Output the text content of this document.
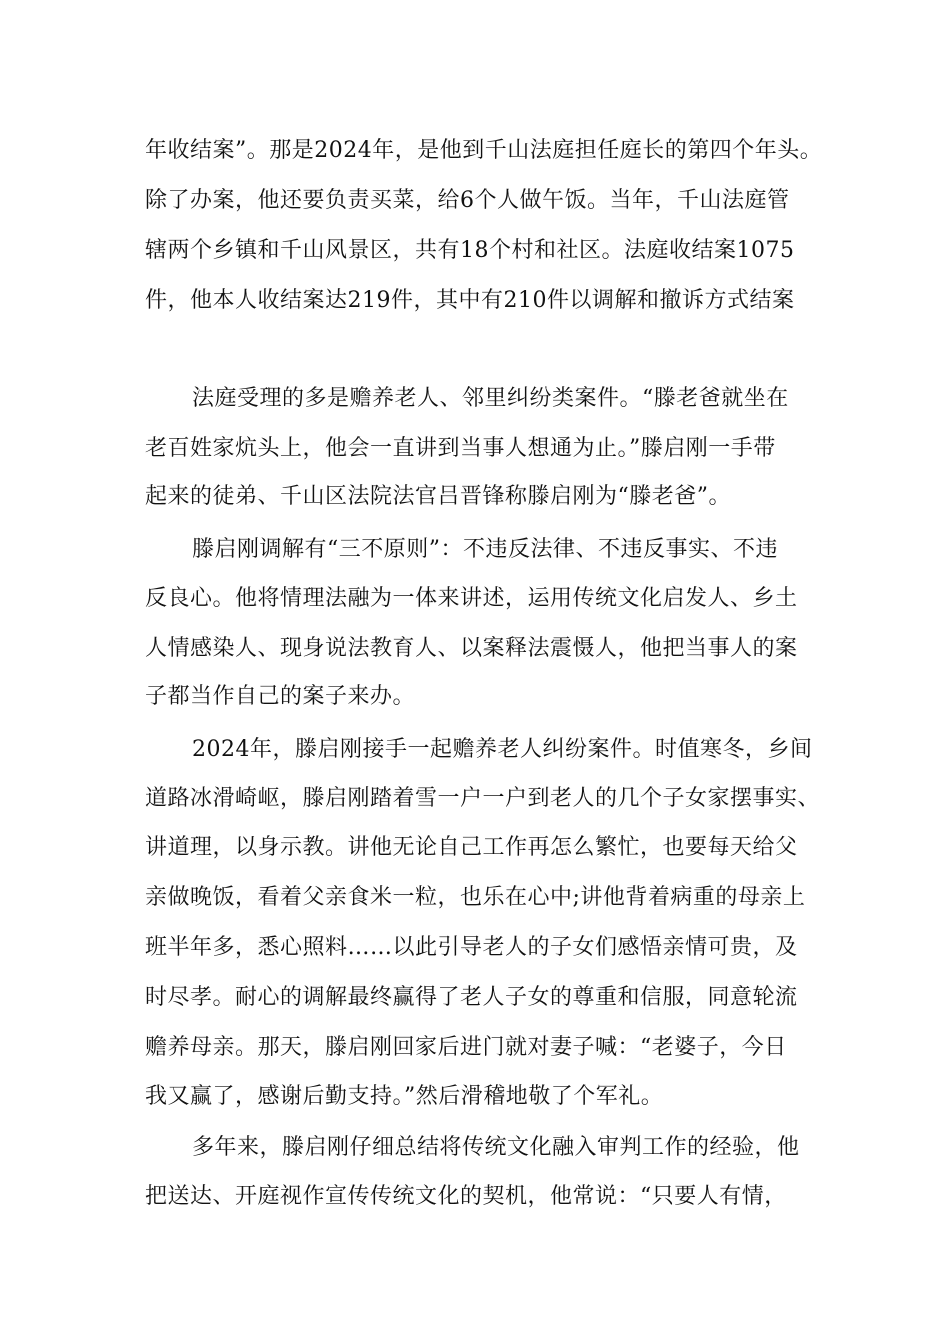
年收结案”。那是2024年，是他到千山法庭担任庭长的第四个年头。
除了办案，他还要负责买菜，给6个人做午饭。当年，千山法庭管
辖两个乡镇和千山风景区，共有18个村和社区。法庭收结案1075
件，他本人收结案达219件，其中有210件以调解和撤诉方式结案
法庭受理的多是赡养老人、邻里纠纷类案件。“滕老爸就坐在
老百姓家炕头上，他会一直讲到当事人想通为止。”滕启刚一手带
起来的徒弟、千山区法院法官吕晋锋称滕启刚为“滕老爸”。
滕启刚调解有“三不原则”：不违反法律、不违反事实、不违
反良心。他将情理法融为一体来讲述，运用传统文化启发人、乡土
人情感染人、现身说法教育人、以案释法震慑人，他把当事人的案
子都当作自己的案子来办。
2024年，滕启刚接手一起赡养老人纠纷案件。时值寒冬，乡间
道路冰滑崎岖，滕启刚踏着雪一户一户到老人的几个子女家摆事实、
讲道理，以身示教。讲他无论自己工作再怎么繁忙，也要每天给父
亲做晚饭，看着父亲食米一粒，也乐在心中;讲他背着病重的母亲上
班半年多，悉心照料……以此引导老人的子女们感悟亲情可贵，及
时尽孝。耐心的调解最终赢得了老人子女的尊重和信服，同意轮流
赡养母亲。那天，滕启刚回家后进门就对妻子喊：“老婆子，今日
我又赢了，感谢后勤支持。”然后滑稽地敬了个军礼。
多年来，滕启刚仔细总结将传统文化融入审判工作的经验，他
把送达、开庭视作宣传传统文化的契机，他常说：“只要人有情，
